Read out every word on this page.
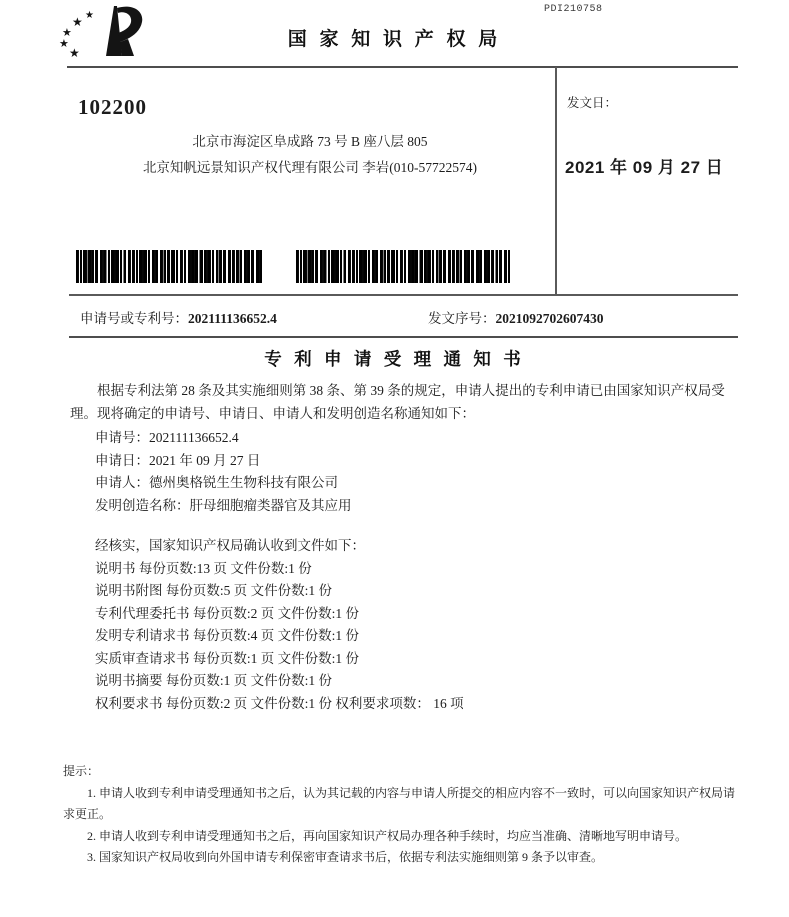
PDI210758
★
★
★
★
★
国 家 知 识 产 权 局
102200
北京市海淀区阜成路 73 号 B 座八层 805
北京知帆远景知识产权代理有限公司 李岩(010-57722574)
发文日：
2021 年 09 月 27 日
申请号或专利号：202111136652.4	发文序号：2021092702607430
专 利 申 请 受 理 通 知 书

根据专利法第 28 条及其实施细则第 38 条、第 39 条的规定，申请人提出的专利申请已由国家知识产权局受理。现将确定的申请号、申请日、申请人和发明创造名称通知如下：

申请号：202111136652.4
申请日：2021 年 09 月 27 日
申请人：德州奥格锐生生物科技有限公司
发明创造名称：肝母细胞瘤类器官及其应用
经核实，国家知识产权局确认收到文件如下：
说明书 每份页数:13 页 文件份数:1 份
说明书附图 每份页数:5 页 文件份数:1 份
专利代理委托书 每份页数:2 页 文件份数:1 份
发明专利请求书 每份页数:4 页 文件份数:1 份
实质审查请求书 每份页数:1 页 文件份数:1 份
说明书摘要 每份页数:1 页 文件份数:1 份
权利要求书 每份页数:2 页 文件份数:1 份 权利要求项数： 16 项
提示：

1. 申请人收到专利申请受理通知书之后，认为其记载的内容与申请人所提交的相应内容不一致时，可以向国家知识产权局请求更正。

2. 申请人收到专利申请受理通知书之后，再向国家知识产权局办理各种手续时，均应当准确、清晰地写明申请号。

3. 国家知识产权局收到向外国申请专利保密审查请求书后，依据专利法实施细则第 9 条予以审查。
